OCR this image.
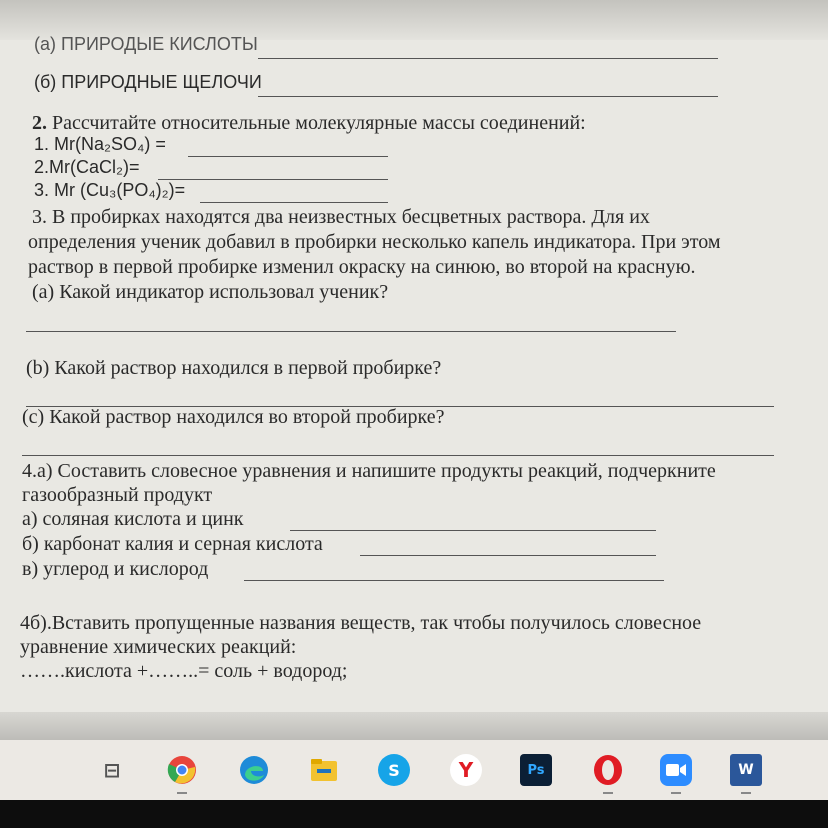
(а) ПРИРОДЫЕ КИСЛОТЫ
(б) ПРИРОДНЫЕ ЩЕЛОЧИ
2. Рассчитайте относительные молекулярные массы соединений:
1. Mr(Na₂SO₄) =
2.Mr(CaCl₂)=
3. Mr (Cu₃(PO₄)₂)=
3. В пробирках находятся два неизвестных бесцветных раствора. Для их
определения ученик добавил в пробирки несколько капель индикатора. При этом
раствор в первой пробирке изменил окраску на синюю, во второй на красную.
(а) Какой индикатор использовал ученик?
(b) Какой раствор находился в первой пробирке?
(c) Какой раствор находился во второй пробирке?
4.а) Составить словесное уравнения и напишите продукты реакций, подчеркните
газообразный продукт
а) соляная кислота и цинк
б) карбонат калия и серная кислота
в) углерод и кислород
4б).Вставить пропущенные названия веществ, так чтобы получилось словесное
уравнение химических реакций:
…….кислота +……..= соль + водород;
⊟	S	Y	Ps	W
